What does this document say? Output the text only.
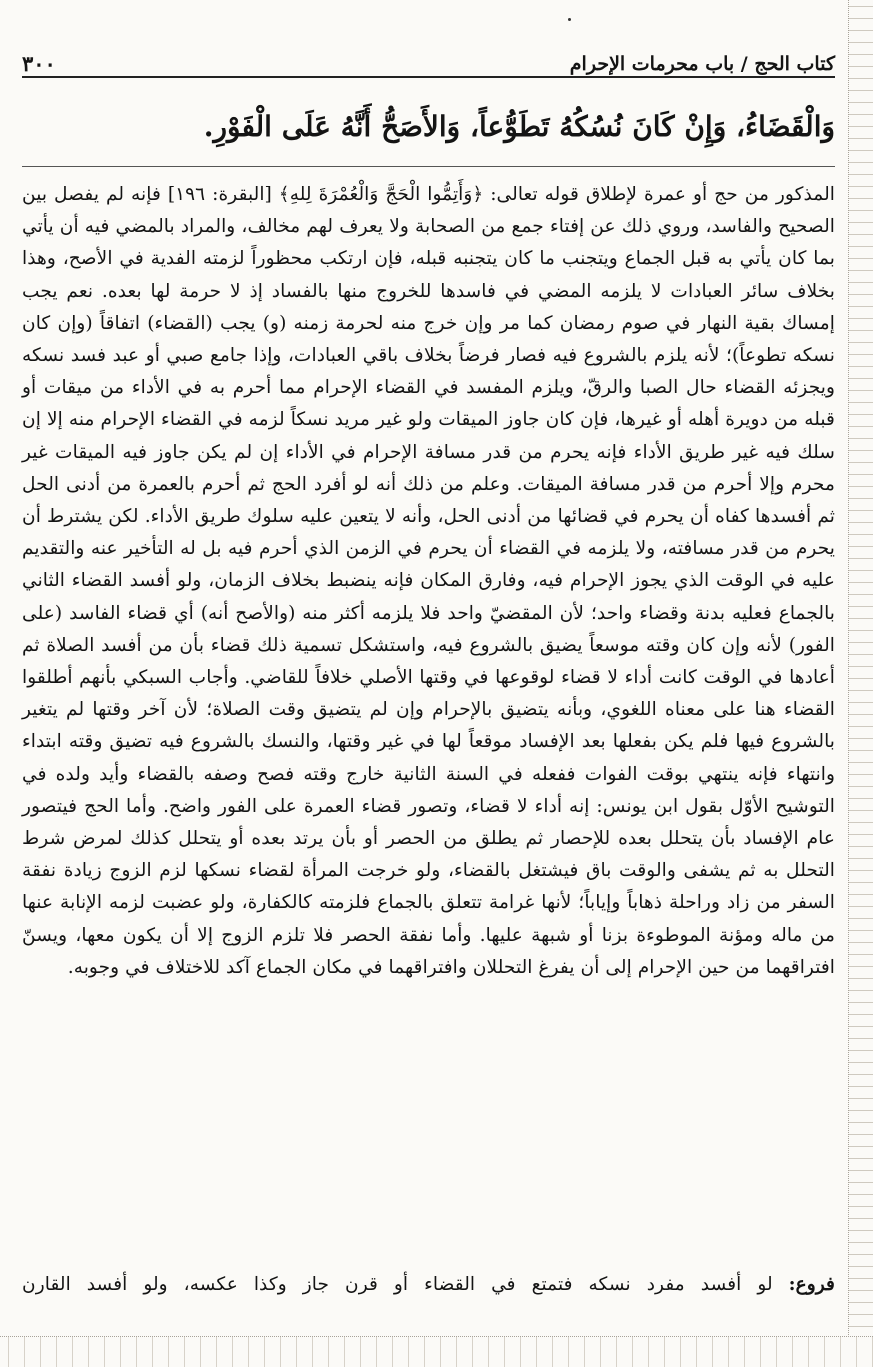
كتاب الحج / باب محرمات الإحرام
٣٠٠
وَالْقَضَاءُ، وَإِنْ كَانَ نُسُكُهُ تَطَوُّعاً، وَالأَصَحُّ أَنَّهُ عَلَى الْفَوْرِ.

المذكور من حج أو عمرة لإطلاق قوله تعالى: ﴿وَأَتِمُّوا الْحَجَّ وَالْعُمْرَةَ لِلهِ﴾ [البقرة: ١٩٦] فإنه لم يفصل بين الصحيح والفاسد، وروي ذلك عن إفتاء جمع من الصحابة ولا يعرف لهم مخالف، والمراد بالمضي فيه أن يأتي بما كان يأتي به قبل الجماع ويتجنب ما كان يتجنبه قبله، فإن ارتكب محظوراً لزمته الفدية في الأصح، وهذا بخلاف سائر العبادات لا يلزمه المضي في فاسدها للخروج منها بالفساد إذ لا حرمة لها بعده. نعم يجب إمساك بقية النهار في صوم رمضان كما مر وإن خرج منه لحرمة زمنه (و) يجب (القضاء) اتفاقاً (وإن كان نسكه تطوعاً)؛ لأنه يلزم بالشروع فيه فصار فرضاً بخلاف باقي العبادات، وإذا جامع صبي أو عبد فسد نسكه ويجزئه القضاء حال الصبا والرقّ، ويلزم المفسد في القضاء الإحرام مما أحرم به في الأداء من ميقات أو قبله من دويرة أهله أو غيرها، فإن كان جاوز الميقات ولو غير مريد نسكاً لزمه في القضاء الإحرام منه إلا إن سلك فيه غير طريق الأداء فإنه يحرم من قدر مسافة الإحرام في الأداء إن لم يكن جاوز فيه الميقات غير محرم وإلا أحرم من قدر مسافة الميقات. وعلم من ذلك أنه لو أفرد الحج ثم أحرم بالعمرة من أدنى الحل ثم أفسدها كفاه أن يحرم في قضائها من أدنى الحل، وأنه لا يتعين عليه سلوك طريق الأداء. لكن يشترط أن يحرم من قدر مسافته، ولا يلزمه في القضاء أن يحرم في الزمن الذي أحرم فيه بل له التأخير عنه والتقديم عليه في الوقت الذي يجوز الإحرام فيه، وفارق المكان فإنه ينضبط بخلاف الزمان، ولو أفسد القضاء الثاني بالجماع فعليه بدنة وقضاء واحد؛ لأن المقضيّ واحد فلا يلزمه أكثر منه (والأصح أنه) أي قضاء الفاسد (على الفور) لأنه وإن كان وقته موسعاً يضيق بالشروع فيه، واستشكل تسمية ذلك قضاء بأن من أفسد الصلاة ثم أعادها في الوقت كانت أداء لا قضاء لوقوعها في وقتها الأصلي خلافاً للقاضي. وأجاب السبكي بأنهم أطلقوا القضاء هنا على معناه اللغوي، وبأنه يتضيق بالإحرام وإن لم يتضيق وقت الصلاة؛ لأن آخر وقتها لم يتغير بالشروع فيها فلم يكن بفعلها بعد الإفساد موقعاً لها في غير وقتها، والنسك بالشروع فيه تضيق وقته ابتداء وانتهاء فإنه ينتهي بوقت الفوات ففعله في السنة الثانية خارج وقته فصح وصفه بالقضاء وأيد ولده في التوشيح الأوّل بقول ابن يونس: إنه أداء لا قضاء، وتصور قضاء العمرة على الفور واضح. وأما الحج فيتصور عام الإفساد بأن يتحلل بعده للإحصار ثم يطلق من الحصر أو بأن يرتد بعده أو يتحلل كذلك لمرض شرط التحلل به ثم يشفى والوقت باق فيشتغل بالقضاء، ولو خرجت المرأة لقضاء نسكها لزم الزوج زيادة نفقة السفر من زاد وراحلة ذهاباً وإياباً؛ لأنها غرامة تتعلق بالجماع فلزمته كالكفارة، ولو عضبت لزمه الإنابة عنها من ماله ومؤنة الموطوءة بزنا أو شبهة عليها. وأما نفقة الحصر فلا تلزم الزوج إلا أن يكون معها، ويسنّ افتراقهما من حين الإحرام إلى أن يفرغ التحللان وافتراقهما في مكان الجماع آكد للاختلاف في وجوبه.

فروع: لو أفسد مفرد نسكه فتمتع في القضاء أو قرن جاز وكذا عكسه، ولو أفسد القارن
